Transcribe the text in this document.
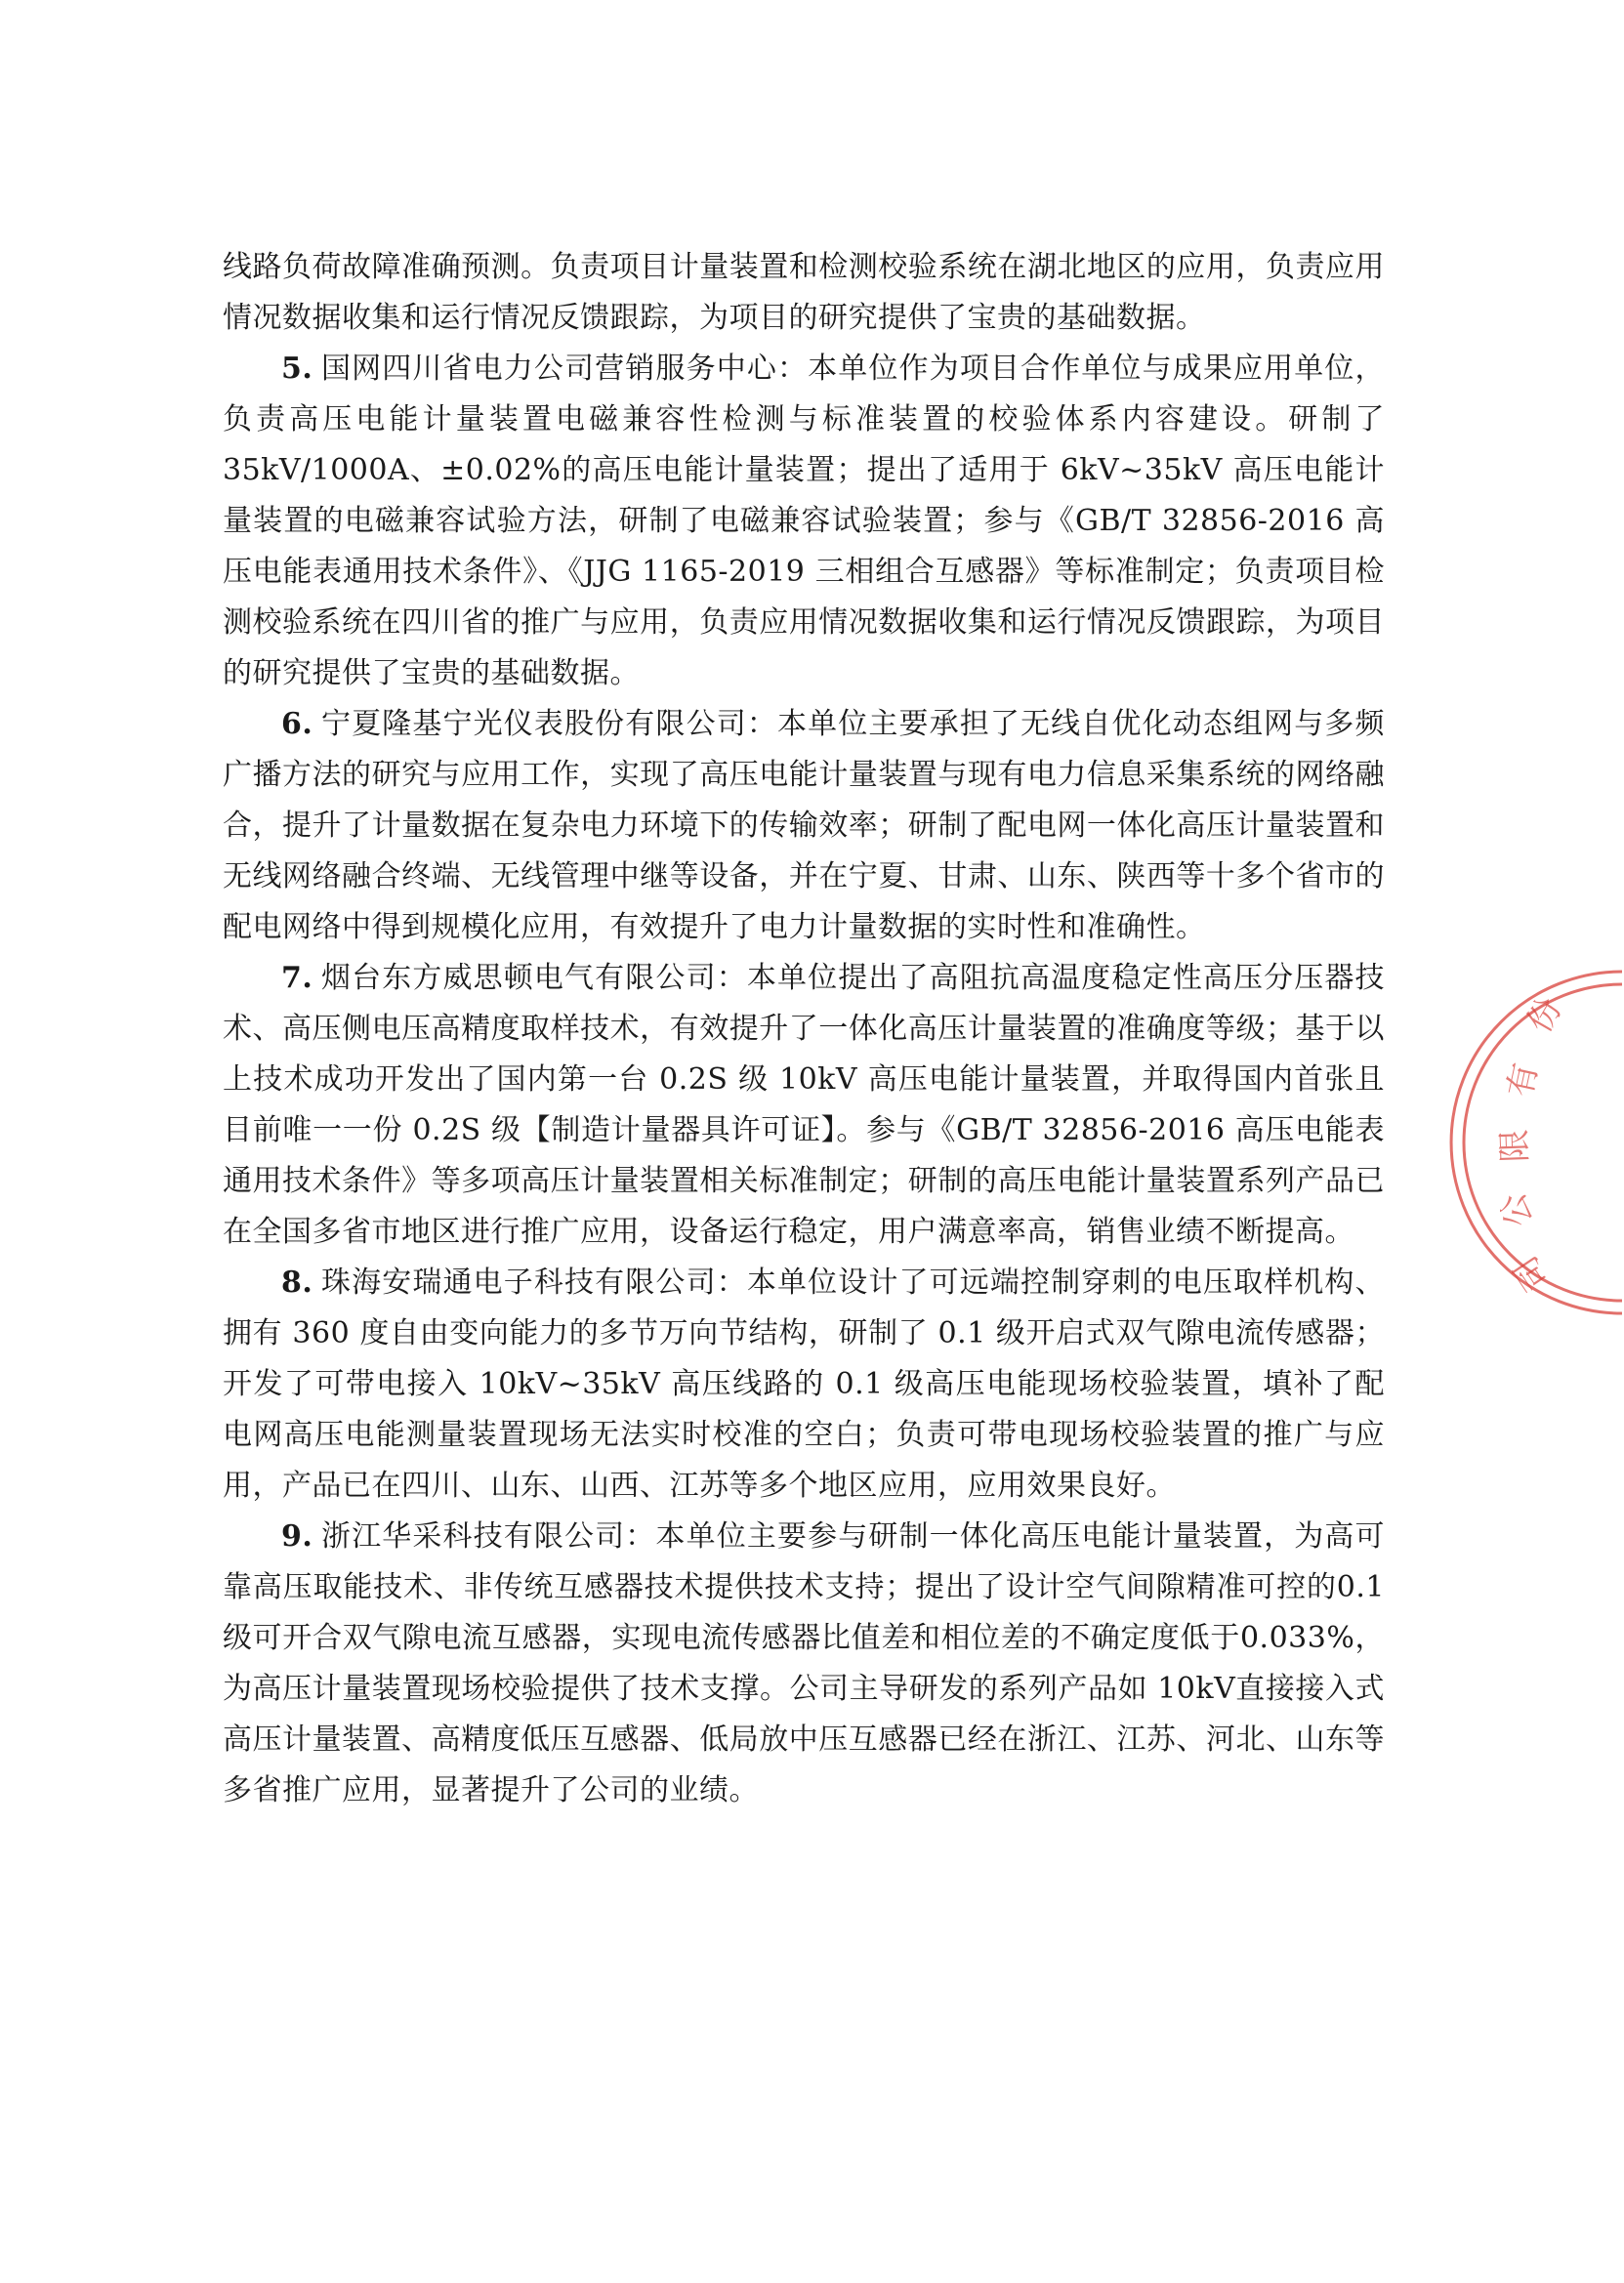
线路负荷故障准确预测。负责项目计量装置和检测校验系统在湖北地区的应用，负责应用情况数据收集和运行情况反馈跟踪，为项目的研究提供了宝贵的基础数据。

5. 国网四川省电力公司营销服务中心：本单位作为项目合作单位与成果应用单位，负责高压电能计量装置电磁兼容性检测与标准装置的校验体系内容建设。研制了35kV/1000A、±0.02%的高压电能计量装置；提出了适用于 6kV~35kV 高压电能计量装置的电磁兼容试验方法，研制了电磁兼容试验装置；参与《GB/T 32856-2016 高压电能表通用技术条件》、《JJG 1165-2019 三相组合互感器》等标准制定；负责项目检测校验系统在四川省的推广与应用，负责应用情况数据收集和运行情况反馈跟踪，为项目的研究提供了宝贵的基础数据。

6. 宁夏隆基宁光仪表股份有限公司：本单位主要承担了无线自优化动态组网与多频广播方法的研究与应用工作，实现了高压电能计量装置与现有电力信息采集系统的网络融合，提升了计量数据在复杂电力环境下的传输效率；研制了配电网一体化高压计量装置和无线网络融合终端、无线管理中继等设备，并在宁夏、甘肃、山东、陕西等十多个省市的配电网络中得到规模化应用，有效提升了电力计量数据的实时性和准确性。

7. 烟台东方威思顿电气有限公司：本单位提出了高阻抗高温度稳定性高压分压器技术、高压侧电压高精度取样技术，有效提升了一体化高压计量装置的准确度等级；基于以上技术成功开发出了国内第一台 0.2S 级 10kV 高压电能计量装置，并取得国内首张且目前唯一一份 0.2S 级【制造计量器具许可证】。参与《GB/T 32856-2016 高压电能表通用技术条件》等多项高压计量装置相关标准制定；研制的高压电能计量装置系列产品已在全国多省市地区进行推广应用，设备运行稳定，用户满意率高，销售业绩不断提高。

8. 珠海安瑞通电子科技有限公司：本单位设计了可远端控制穿刺的电压取样机构、拥有 360 度自由变向能力的多节万向节结构，研制了 0.1 级开启式双气隙电流传感器；开发了可带电接入 10kV~35kV 高压线路的 0.1 级高压电能现场校验装置，填补了配电网高压电能测量装置现场无法实时校准的空白；负责可带电现场校验装置的推广与应用，产品已在四川、山东、山西、江苏等多个地区应用，应用效果良好。

9. 浙江华采科技有限公司：本单位主要参与研制一体化高压电能计量装置，为高可靠高压取能技术、非传统互感器技术提供技术支持；提出了设计空气间隙精准可控的0.1 级可开合双气隙电流互感器，实现电流传感器比值差和相位差的不确定度低于0.033%，为高压计量装置现场校验提供了技术支撑。公司主导研发的系列产品如 10kV直接接入式高压计量装置、高精度低压互感器、低局放中压互感器已经在浙江、江苏、河北、山东等多省推广应用，显著提升了公司的业绩。

份
有
限
公
司
